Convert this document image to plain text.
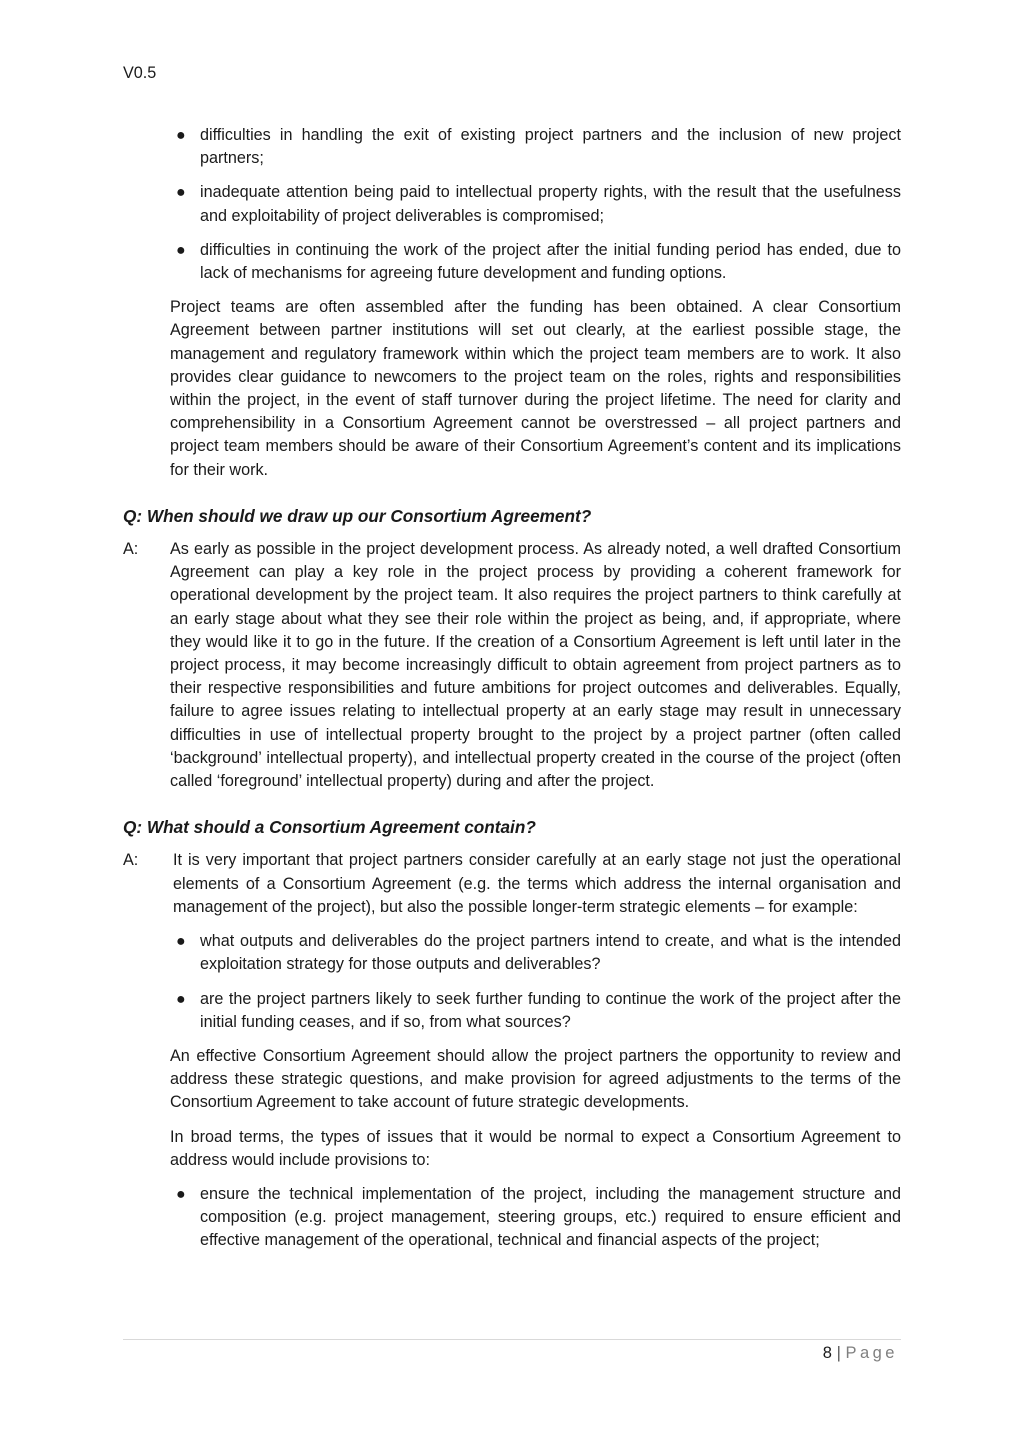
V0.5

● difficulties in handling the exit of existing project partners and the inclusion of new project partners;
● inadequate attention being paid to intellectual property rights, with the result that the usefulness and exploitability of project deliverables is compromised;
● difficulties in continuing the work of the project after the initial funding period has ended, due to lack of mechanisms for agreeing future development and funding options.

Project teams are often assembled after the funding has been obtained. A clear Consortium Agreement between partner institutions will set out clearly, at the earliest possible stage, the management and regulatory framework within which the project team members are to work. It also provides clear guidance to newcomers to the project team on the roles, rights and responsibilities within the project, in the event of staff turnover during the project lifetime. The need for clarity and comprehensibility in a Consortium Agreement cannot be overstressed – all project partners and project team members should be aware of their Consortium Agreement’s content and its implications for their work.

Q: When should we draw up our Consortium Agreement?

A: As early as possible in the project development process. As already noted, a well drafted Consortium Agreement can play a key role in the project process by providing a coherent framework for operational development by the project team. It also requires the project partners to think carefully at an early stage about what they see their role within the project as being, and, if appropriate, where they would like it to go in the future. If the creation of a Consortium Agreement is left until later in the project process, it may become increasingly difficult to obtain agreement from project partners as to their respective responsibilities and future ambitions for project outcomes and deliverables. Equally, failure to agree issues relating to intellectual property at an early stage may result in unnecessary difficulties in use of intellectual property brought to the project by a project partner (often called ‘background’ intellectual property), and intellectual property created in the course of the project (often called ‘foreground’ intellectual property) during and after the project.

Q: What should a Consortium Agreement contain?

A: It is very important that project partners consider carefully at an early stage not just the operational elements of a Consortium Agreement (e.g. the terms which address the internal organisation and management of the project), but also the possible longer-term strategic elements – for example:
● what outputs and deliverables do the project partners intend to create, and what is the intended exploitation strategy for those outputs and deliverables?
● are the project partners likely to seek further funding to continue the work of the project after the initial funding ceases, and if so, from what sources?

An effective Consortium Agreement should allow the project partners the opportunity to review and address these strategic questions, and make provision for agreed adjustments to the terms of the Consortium Agreement to take account of future strategic developments.

In broad terms, the types of issues that it would be normal to expect a Consortium Agreement to address would include provisions to:

● ensure the technical implementation of the project, including the management structure and composition (e.g. project management, steering groups, etc.) required to ensure efficient and effective management of the operational, technical and financial aspects of the project;
8 | Page
